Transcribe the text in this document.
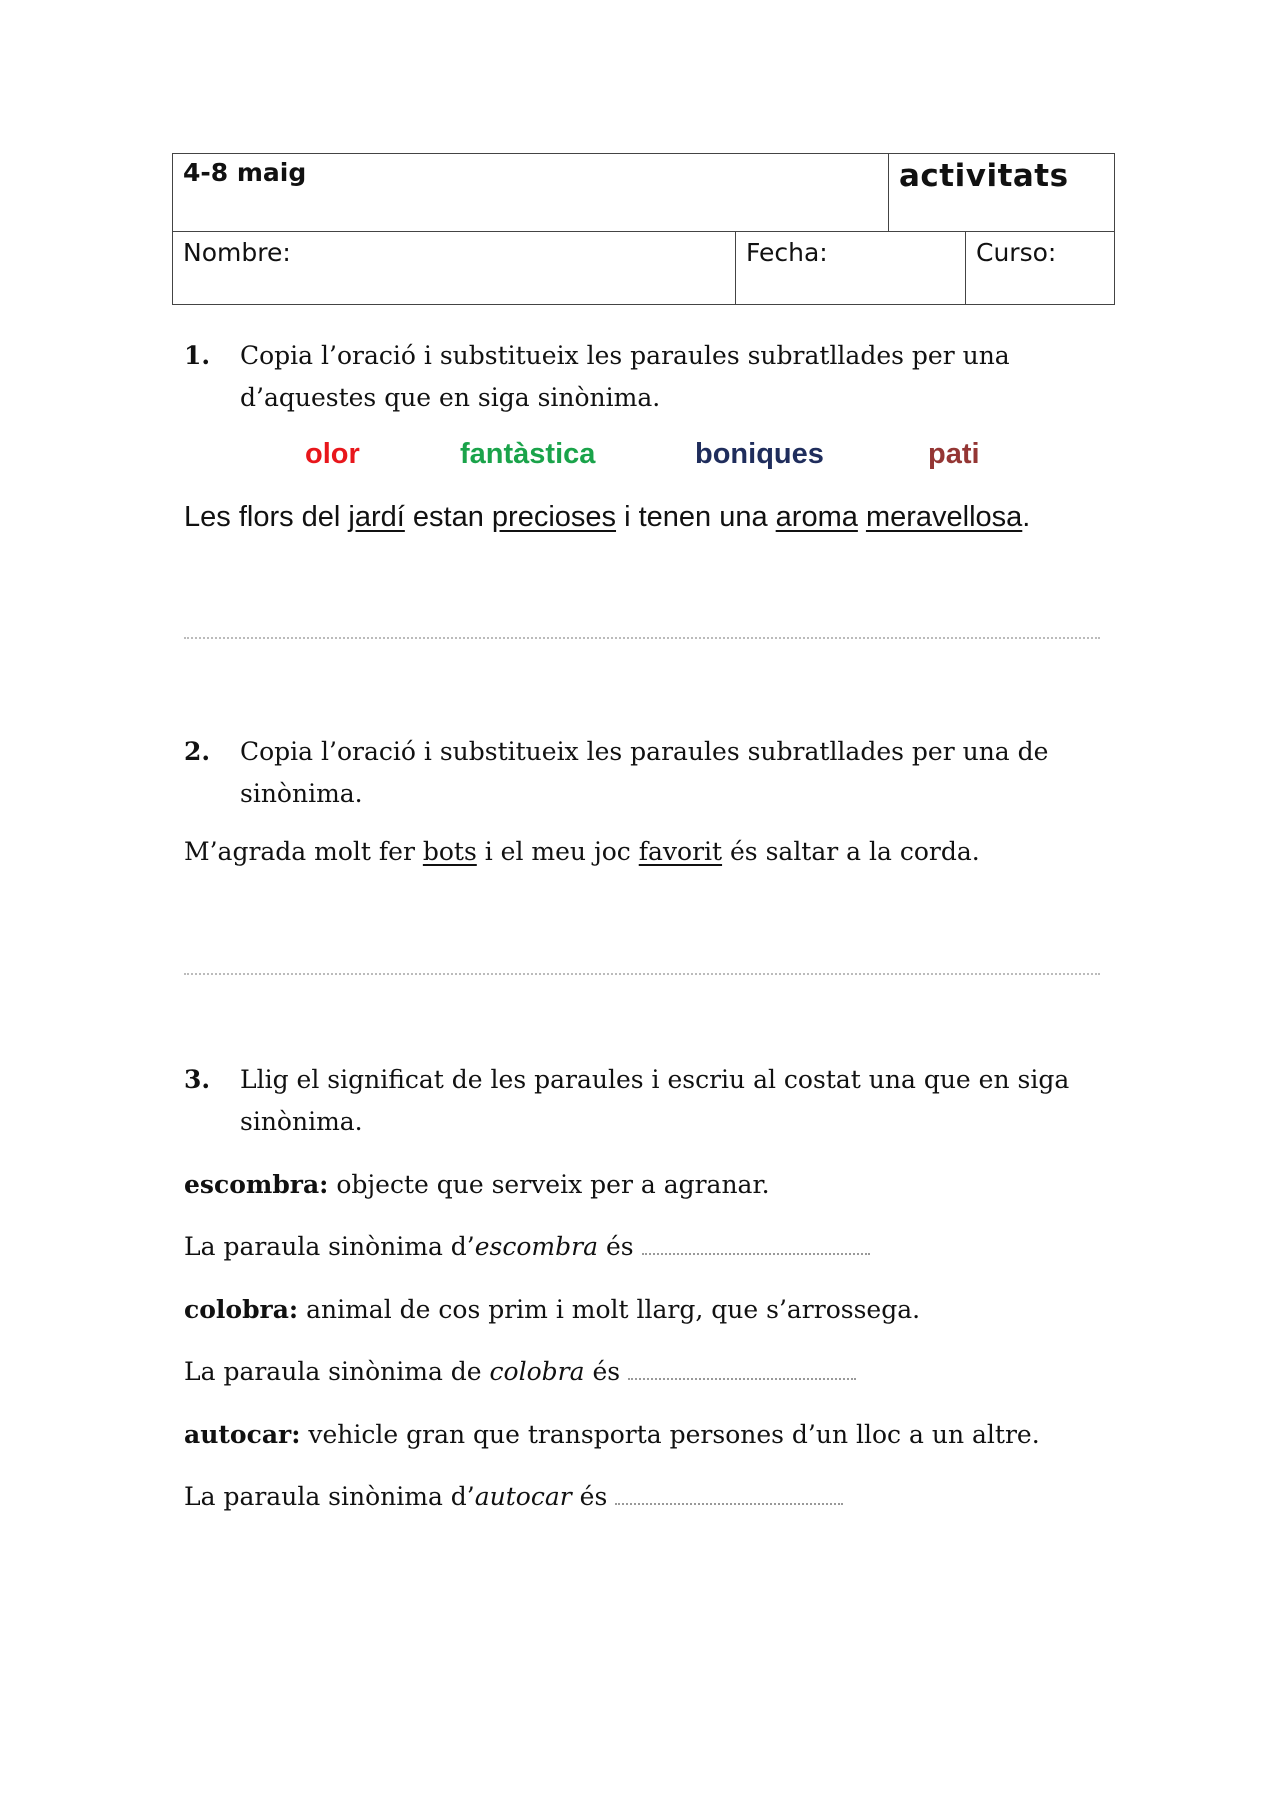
4-8 maig	activitats
Nombre:	Fecha:	Curso:
1. Copia l’oració i substitueix les paraules subratllades per una d’aquestes que en siga sinònima.
olor	fantàstica	boniques	pati
Les flors del jardí estan precioses i tenen una aroma meravellosa.
2. Copia l’oració i substitueix les paraules subratllades per una de sinònima.
M’agrada molt fer bots i el meu joc favorit és saltar a la corda.
3. Llig el significat de les paraules i escriu al costat una que en siga sinònima.
escombra: objecte que serveix per a agranar.
La paraula sinònima d’escombra és
colobra: animal de cos prim i molt llarg, que s’arrossega.
La paraula sinònima de colobra és
autocar: vehicle gran que transporta persones d’un lloc a un altre.
La paraula sinònima d’autocar és
